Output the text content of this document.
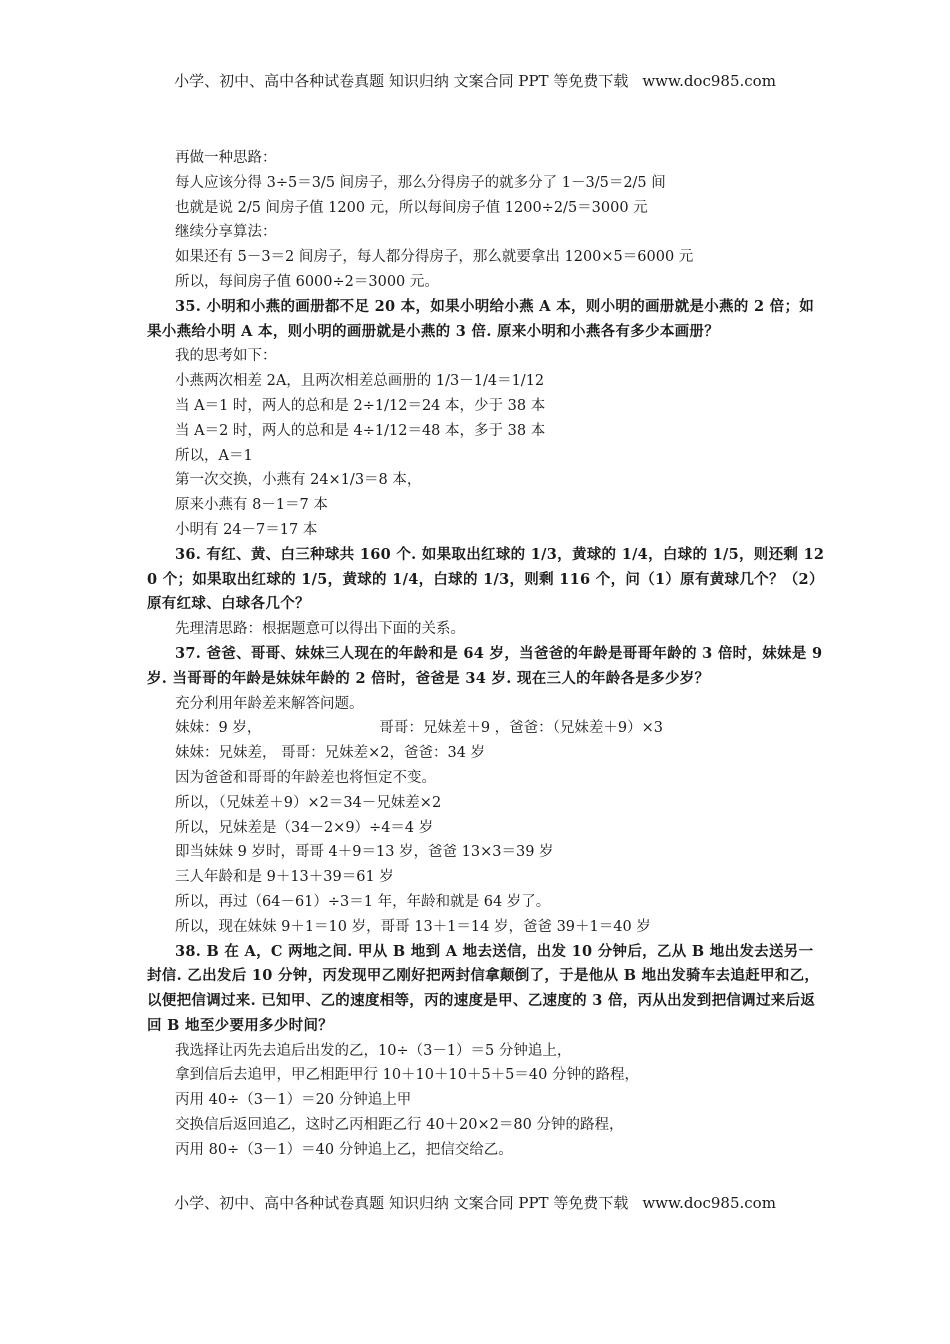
小学、初中、高中各种试卷真题 知识归纳 文案合同 PPT 等免费下载 www.doc985.com
再做一种思路：
每人应该分得 3÷5＝3/5 间房子，那么分得房子的就多分了 1－3/5＝2/5 间
也就是说 2/5 间房子值 1200 元，所以每间房子值 1200÷2/5＝3000 元
继续分享算法：
如果还有 5－3＝2 间房子，每人都分得房子，那么就要拿出 1200×5＝6000 元
所以，每间房子值 6000÷2＝3000 元。
35. 小明和小燕的画册都不足 20 本，如果小明给小燕 A 本，则小明的画册就是小燕的 2 倍；如果小燕给小明 A 本，则小明的画册就是小燕的 3 倍. 原来小明和小燕各有多少本画册？
我的思考如下：
小燕两次相差 2A，且两次相差总画册的 1/3－1/4＝1/12
当 A＝1 时，两人的总和是 2÷1/12＝24 本，少于 38 本
当 A＝2 时，两人的总和是 4÷1/12＝48 本，多于 38 本
所以，A＝1
第一次交换，小燕有 24×1/3＝8 本，
原来小燕有 8－1＝7 本
小明有 24－7＝17 本
36. 有红、黄、白三种球共 160 个. 如果取出红球的 1/3，黄球的 1/4，白球的 1/5，则还剩 120 个；如果取出红球的 1/5，黄球的 1/4，白球的 1/3，则剩 116 个，问（1）原有黄球几个？（2）原有红球、白球各几个？
先理清思路：根据题意可以得出下面的关系。
37. 爸爸、哥哥、妹妹三人现在的年龄和是 64 岁，当爸爸的年龄是哥哥年龄的 3 倍时，妹妹是 9 岁. 当哥哥的年龄是妹妹年龄的 2 倍时，爸爸是 34 岁. 现在三人的年龄各是多少岁？
充分利用年龄差来解答问题。
妹妹：9 岁，	哥哥：兄妹差＋9 ，爸爸：（兄妹差＋9）×3
妹妹：兄妹差， 哥哥：兄妹差×2，爸爸：34 岁
因为爸爸和哥哥的年龄差也将恒定不变。
所以，（兄妹差＋9）×2＝34－兄妹差×2
所以，兄妹差是（34－2×9）÷4＝4 岁
即当妹妹 9 岁时，哥哥 4＋9＝13 岁，爸爸 13×3＝39 岁
三人年龄和是 9＋13＋39＝61 岁
所以，再过（64－61）÷3＝1 年，年龄和就是 64 岁了。
所以，现在妹妹 9＋1＝10 岁，哥哥 13＋1＝14 岁，爸爸 39＋1＝40 岁
38. B 在 A，C 两地之间. 甲从 B 地到 A 地去送信，出发 10 分钟后，乙从 B 地出发去送另一封信. 乙出发后 10 分钟，丙发现甲乙刚好把两封信拿颠倒了，于是他从 B 地出发骑车去追赶甲和乙，以便把信调过来. 已知甲、乙的速度相等，丙的速度是甲、乙速度的 3 倍，丙从出发到把信调过来后返回 B 地至少要用多少时间？
我选择让丙先去追后出发的乙，10÷（3－1）＝5 分钟追上，
拿到信后去追甲，甲乙相距甲行 10＋10＋10＋5＋5＝40 分钟的路程，
丙用 40÷（3－1）＝20 分钟追上甲
交换信后返回追乙，这时乙丙相距乙行 40＋20×2＝80 分钟的路程，
丙用 80÷（3－1）＝40 分钟追上乙，把信交给乙。
小学、初中、高中各种试卷真题 知识归纳 文案合同 PPT 等免费下载 www.doc985.com
